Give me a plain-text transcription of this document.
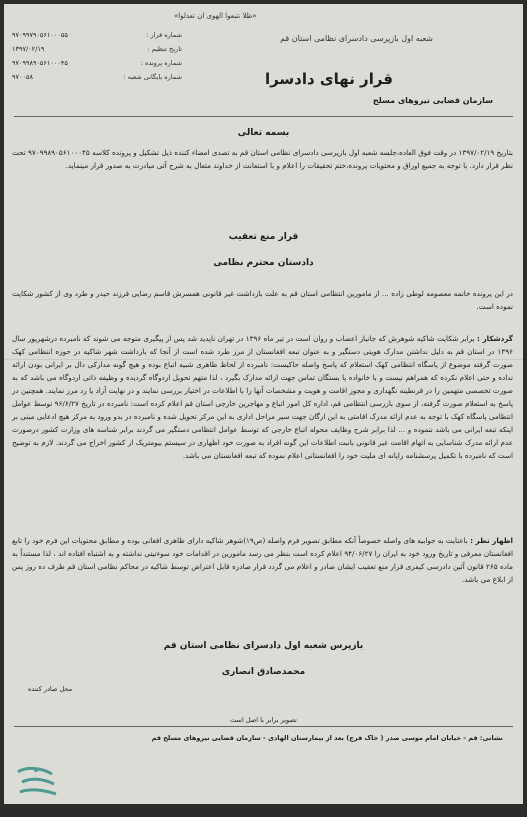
«ظلا تتبعوا الهوی ان تعدلوا»
شعبه اول بازپرسی دادسرای نظامی استان قم
قرار نهای دادسرا
سازمان قضایی نیروهای مسلح
شماره قرار :
۹۷۰۹۹۷۹۰۵۶۱۰۰۰۵۵
تاریخ تنظیم :
۱۳۹۷/۰۲/۱۹
شماره پرونده :
۹۷۰۹۹۸۹۰۵۶۱۰۰۰۴۵
شماره بایگانی شعبه :
۹۷۰۰۵۸
بسمه تعالی
بتاریخ ۱۳۹۷/۰۲/۱۹ در وقت فوق العاده،جلسه شعبه اول بازپرسی دادسرای نظامی استان قم به تصدی امضاء کننده ذیل تشکیل و پرونده کلاسه ۹۷۰۹۹۸۹۰۵۶۱۰۰۰۴۵ تحت نظر قرار دارد. با توجه به جمیع اوراق و محتویات پرونده،ختم تحقیقات را اعلام و با استعانت از خداوند متعال به شرح آتی مبادرت به صدور قرار مینماید.
قرار منع تعقیب
دادستان محترم نظامی
در این پرونده خانمه معصومه لوطی زاده ... از مامورین انتظامی استان قم به علت بازداشت غیر قانونی همسرش قاسم رضایی فرزند حیدر و طرد وی از کشور شکایت نموده است.
گردشکار : برابر شکایت شاکیه شوهرش که جانباز اعصاب و روان است در تیر ماه ۱۳۹۶ در تهران ناپدید شد پس از پیگیری متوجه می شوند که نامبرده درشهریور سال ۱۳۹۶ در استان قم به دلیل نداشتن مدارک هویتی دستگیر و به عنوان تبعه افغانستان از مرز طرد شده است از آنجا که بازداشت شهر شاکیه در حوزه انتظامی کهک صورت گرفته موضوع از پاسگاه انتظامی کهک استعلام که پاسخ واصله حاکیست: نامبرده از لحاظ ظاهری شبیه اتباع بوده و هیچ گونه مدارکی دال بر ایرانی بودن ارائه نداده و حتی اعلام نکرده که همراهم نیست و با خانواده یا بستگان تماس جهت ارائه مدارک بگیرد ، لذا متهم تحویل اردوگاه گردیده و وظیفه ذاتی اردوگاه می باشد که به صورت تخصصی متهمین را در قرنطینه نگهداری و مجوز اقامت و هویت و مشخصات آنها را با اطلاعات در اختیار بررسی نمایند و در نهایت آزاد یا رد مرز نمایند. همچنین در پاسخ به استعلام صورت گرفته، از سوی بازرسی انتظامی قم، اداره کل امور اتباع و مهاجرین خارجی استان قم اعلام کرده است: نامبرده در تاریخ ۹۶/۶/۲۷ توسط عوامل انتظامی پاسگاه کهک با توجه به عدم ارائه مدرک اقامتی به این ارگان جهت سیر مراحل اداری به این مرکز تحویل شده و نامبرده در بدو ورود به مرکز هیچ ادعایی مبنی بر اینکه تبعه ایرانی می باشد ننموده و ... لذا برابر شرح وظایف محوله اتباع خارجی که توسط عوامل انتظامی دستگیر می گردند برابر شناسه های وزارت کشور درصورت عدم ارائه مدرک شناسایی به اتهام اقامت غیر قانونی بانبت اطلاعات این گونه افراد به صورت خود اظهاری در سیستم بیومتریک از کشور اخراج می گردند. لازم به توضیح است که نامبرده با تکمیل پرسشنامه رایانه ای ملیت خود را افغانستانی اعلام نموده که تبعه افغانستان می باشد.
اظهار نظر : باعنایت به جوابیه های واصله خصوصاً آنکه مطابق تصویر فرم واصله (ص۱۹)شوهر شاکیه دارای ظاهری افغانی بوده و مطابق محتویات این فرم خود را تابع افغانستان معرفی و تاریخ ورود خود به ایران را ۹۴/۰۶/۲۷ اعلام کرده است بنظر می رسد مامورین در اقدامات خود سوءنیتی نداشته و به اشتباه افتاده اند ، لذا مستنداً به ماده ۲۶۵ قانون آئین دادرسی کیفری قرار منع تعقیب ایشان صادر و اعلام می گردد قرار صادره قابل اعتراض توسط شاکیه در محاکم نظامی استان قم ظرف ده روز پس از ابلاغ می باشد.
بازپرس شعبه اول دادسرای نظامی استان قم
محمدصادق انصاری
محل صادر کننده
تصویر برابر با اصل است
نشانی: قم - خیابان امام موسی صدر ( خاک فرج) بعد از بیمارستان الهادی - سازمان قضایی نیروهای مسلح قم
